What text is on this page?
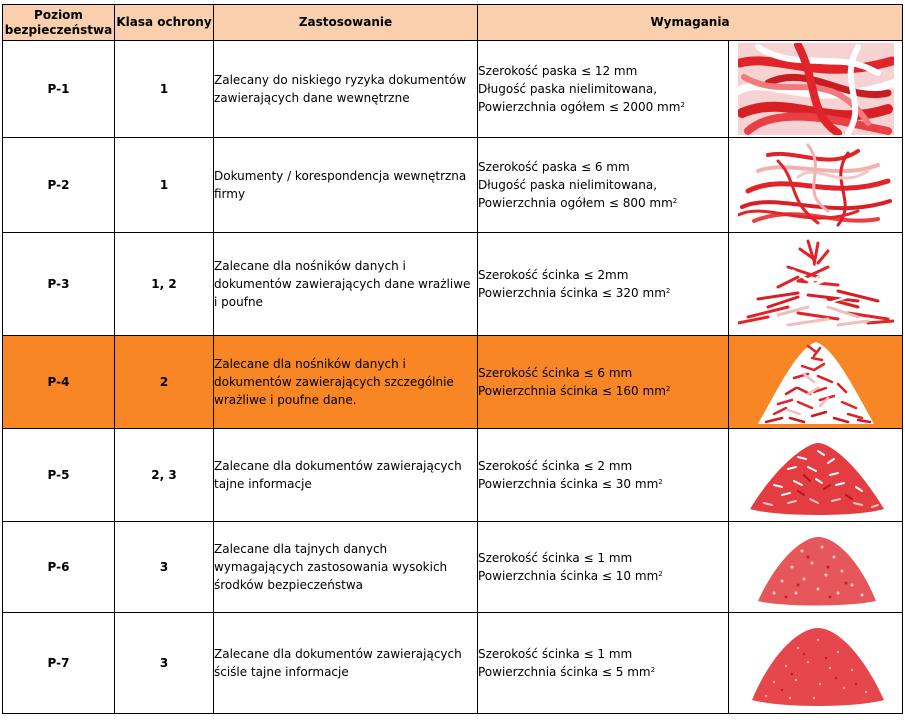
Poziom bezpieczeństwa	Klasa ochrony	Zastosowanie	Wymagania	
P-1	1	Zalecany do niskiego ryzyka dokumentów zawierających dane wewnętrzne	Szerokość paska ≤ 12 mm
Długość paska nielimitowana,
Powierzchnia ogółem ≤ 2000 $mm^2$

P-2	1	Dokumenty / korespondencja wewnętrzna firmy	Szerokość paska ≤ 6 mm
Długość paska nielimitowana,
Powierzchnia ogółem ≤ 800 $mm^2$

P-3	1, 2	Zalecane dla nośników danych i dokumentów zawierających dane wrażliwe i poufne	Szerokość ścinka ≤ 2mm
Powierzchnia ścinka ≤ 320 $mm^2$

P-4	2	Zalecane dla nośników danych i dokumentów zawierających szczególnie wrażliwe i poufne dane.	Szerokość ścinka ≤ 6 mm
Powierzchnia ścinka ≤ 160 $mm^2$

P-5	2, 3	Zalecane dla dokumentów zawierających tajne informacje	Szerokość ścinka ≤ 2 mm
Powierzchnia ścinka ≤ 30 $mm^2$

P-6	3	Zalecane dla tajnych danych wymagających zastosowania wysokich środków bezpieczeństwa	Szerokość ścinka ≤ 1 mm
Powierzchnia ścinka ≤ 10 $mm^2$

P-7	3	Zalecane dla dokumentów zawierających ściśle tajne informacje	Szerokość ścinka ≤ 1 mm
Powierzchnia ścinka ≤ 5 $mm^2$
